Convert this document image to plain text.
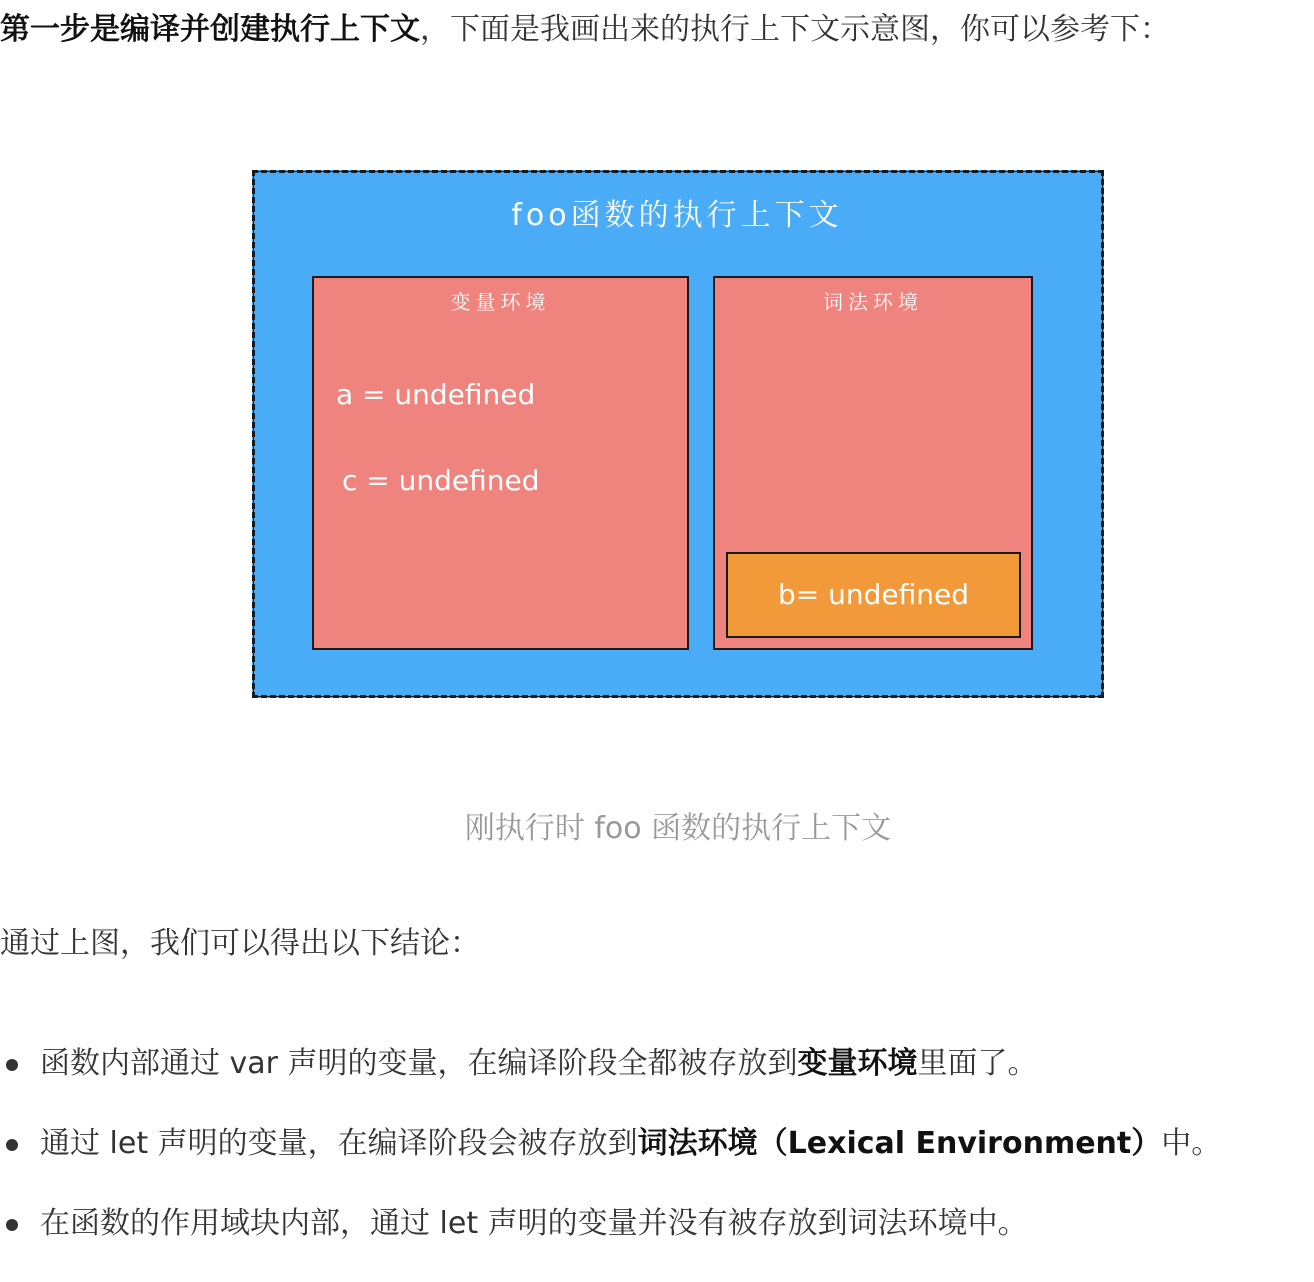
第一步是编译并创建执行上下文，下面是我画出来的执行上下文示意图，你可以参考下：

foo函数的执行上下文
变量环境
a = undefined
c = undefined
词法环境
b= undefined
刚执行时 foo 函数的执行上下文

通过上图，我们可以得出以下结论：

函数内部通过 var 声明的变量，在编译阶段全都被存放到变量环境里面了。
通过 let 声明的变量，在编译阶段会被存放到词法环境（Lexical Environment）中。
在函数的作用域块内部，通过 let 声明的变量并没有被存放到词法环境中。
